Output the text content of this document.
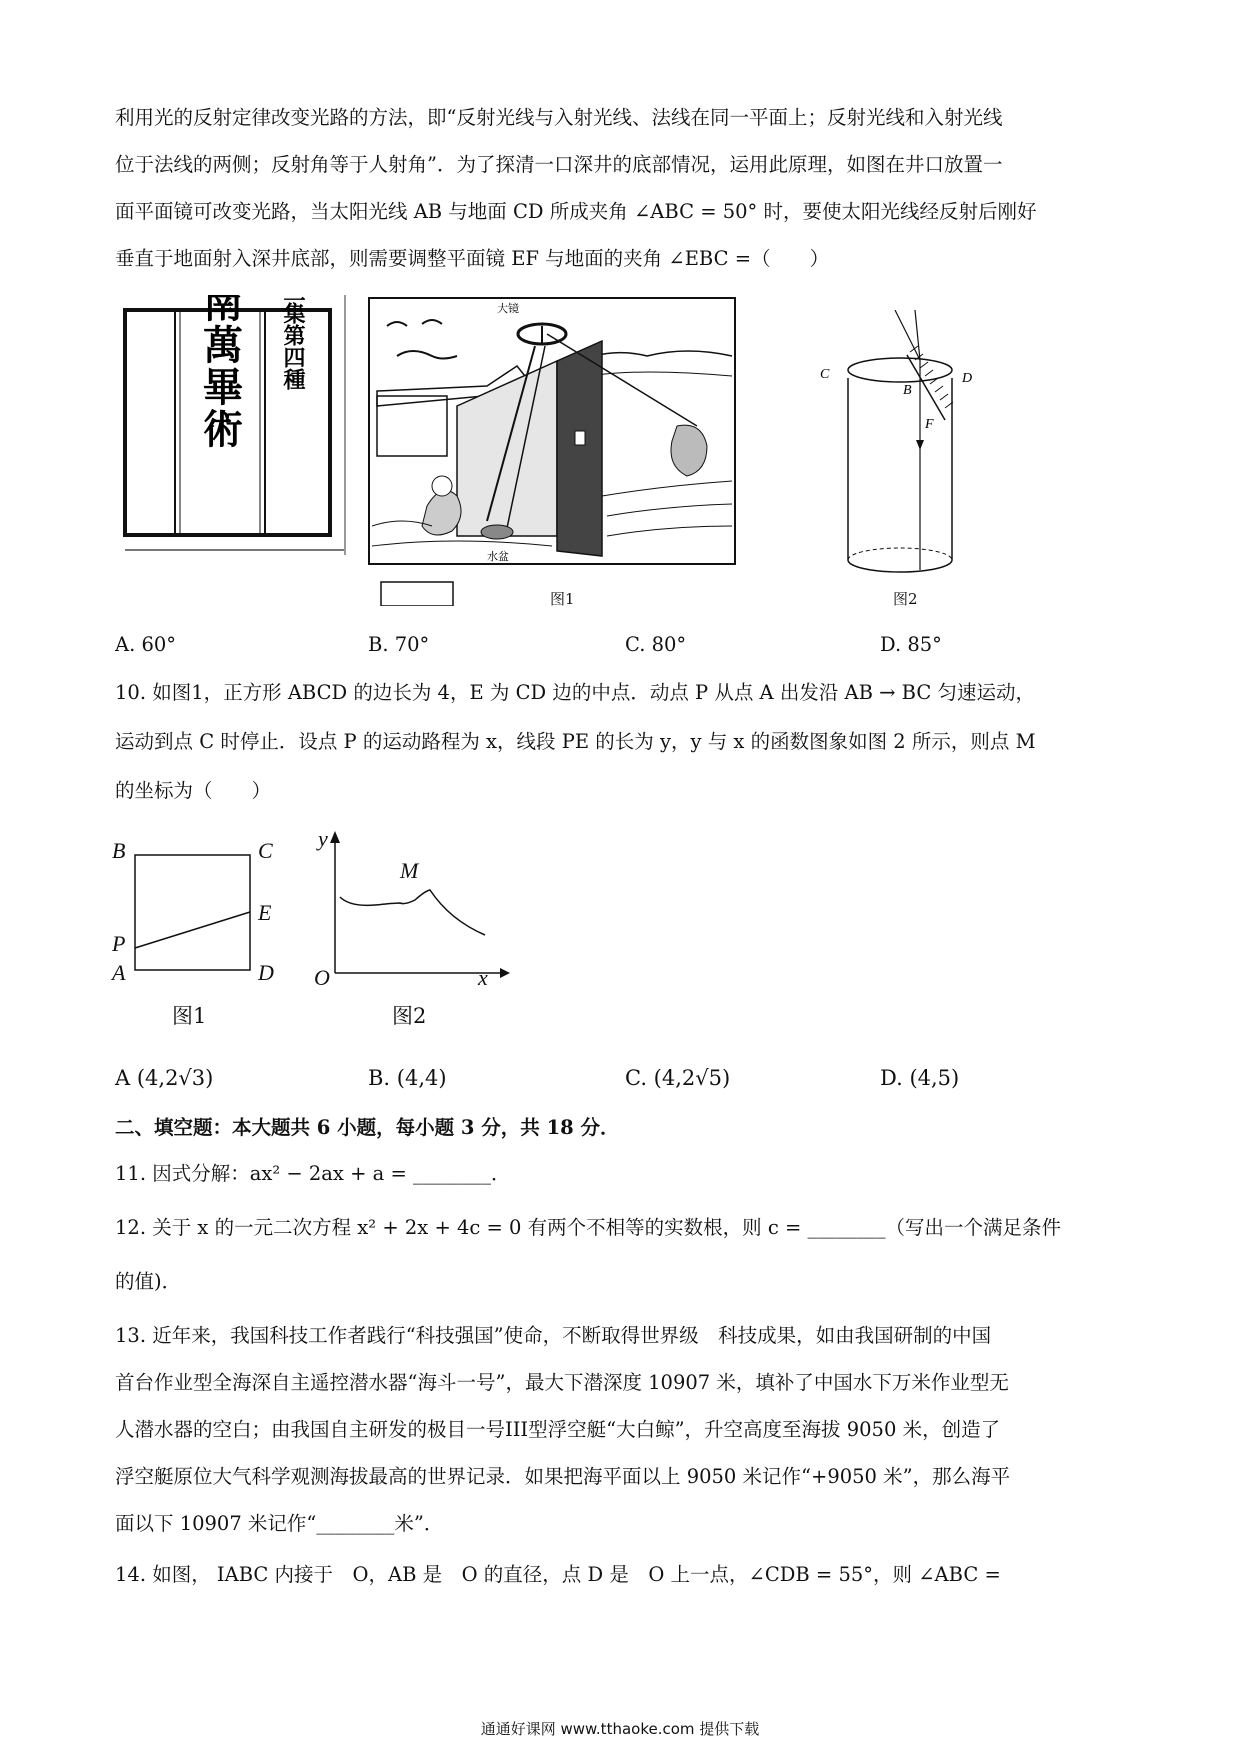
利用光的反射定律改变光路的方法，即“反射光线与入射光线、法线在同一平面上；反射光线和入射光线
位于法线的两侧；反射角等于人射角”．为了探清一口深井的底部情况，运用此原理，如图在井口放置一
面平面镜可改变光路，当太阳光线 AB 与地面 CD 所成夹角 ∠ABC = 50° 时，要使太阳光线经反射后刚好
垂直于地面射入深井底部，则需要调整平面镜 EF 与地面的夹角 ∠EBC =（　　）
淮南萬畢術 三集第四種	大镜
水盆
图1
C
B
D
F
图2
A. 60°	B. 70°	C. 80°	D. 85°
10. 如图1，正方形 ABCD 的边长为 4，E 为 CD 边的中点．动点 P 从点 A 出发沿 AB → BC 匀速运动，
运动到点 C 时停止．设点 P 的运动路程为 x，线段 PE 的长为 y，y 与 x 的函数图象如图 2 所示，则点 M
的坐标为（　　）
B	C
E
P
A	D
图1
y
M
O	x
图2
A (4,2√3)	B. (4,4)	C. (4,2√5)	D. (4,5)
二、填空题：本大题共 6 小题，每小题 3 分，共 18 分．
11. 因式分解：ax² − 2ax + a = ________．
12. 关于 x 的一元二次方程 x² + 2x + 4c = 0 有两个不相等的实数根，则 c = ________（写出一个满足条件
的值)．
13. 近年来，我国科技工作者践行“科技强国”使命，不断取得世界级　科技成果，如由我国研制的中国
首台作业型全海深自主遥控潜水器“海斗一号”，最大下潜深度 10907 米，填补了中国水下万米作业型无
人潜水器的空白；由我国自主研发的极目一号III型浮空艇“大白鲸”，升空高度至海拔 9050 米，创造了
浮空艇原位大气科学观测海拔最高的世界记录．如果把海平面以上 9050 米记作“+9050 米”，那么海平
面以下 10907 米记作“________米”．
14. 如图， ⅠABC 内接于　O，AB 是　O 的直径，点 D 是　O 上一点，∠CDB = 55°，则 ∠ABC =
通通好课网 www.tthaoke.com 提供下载
